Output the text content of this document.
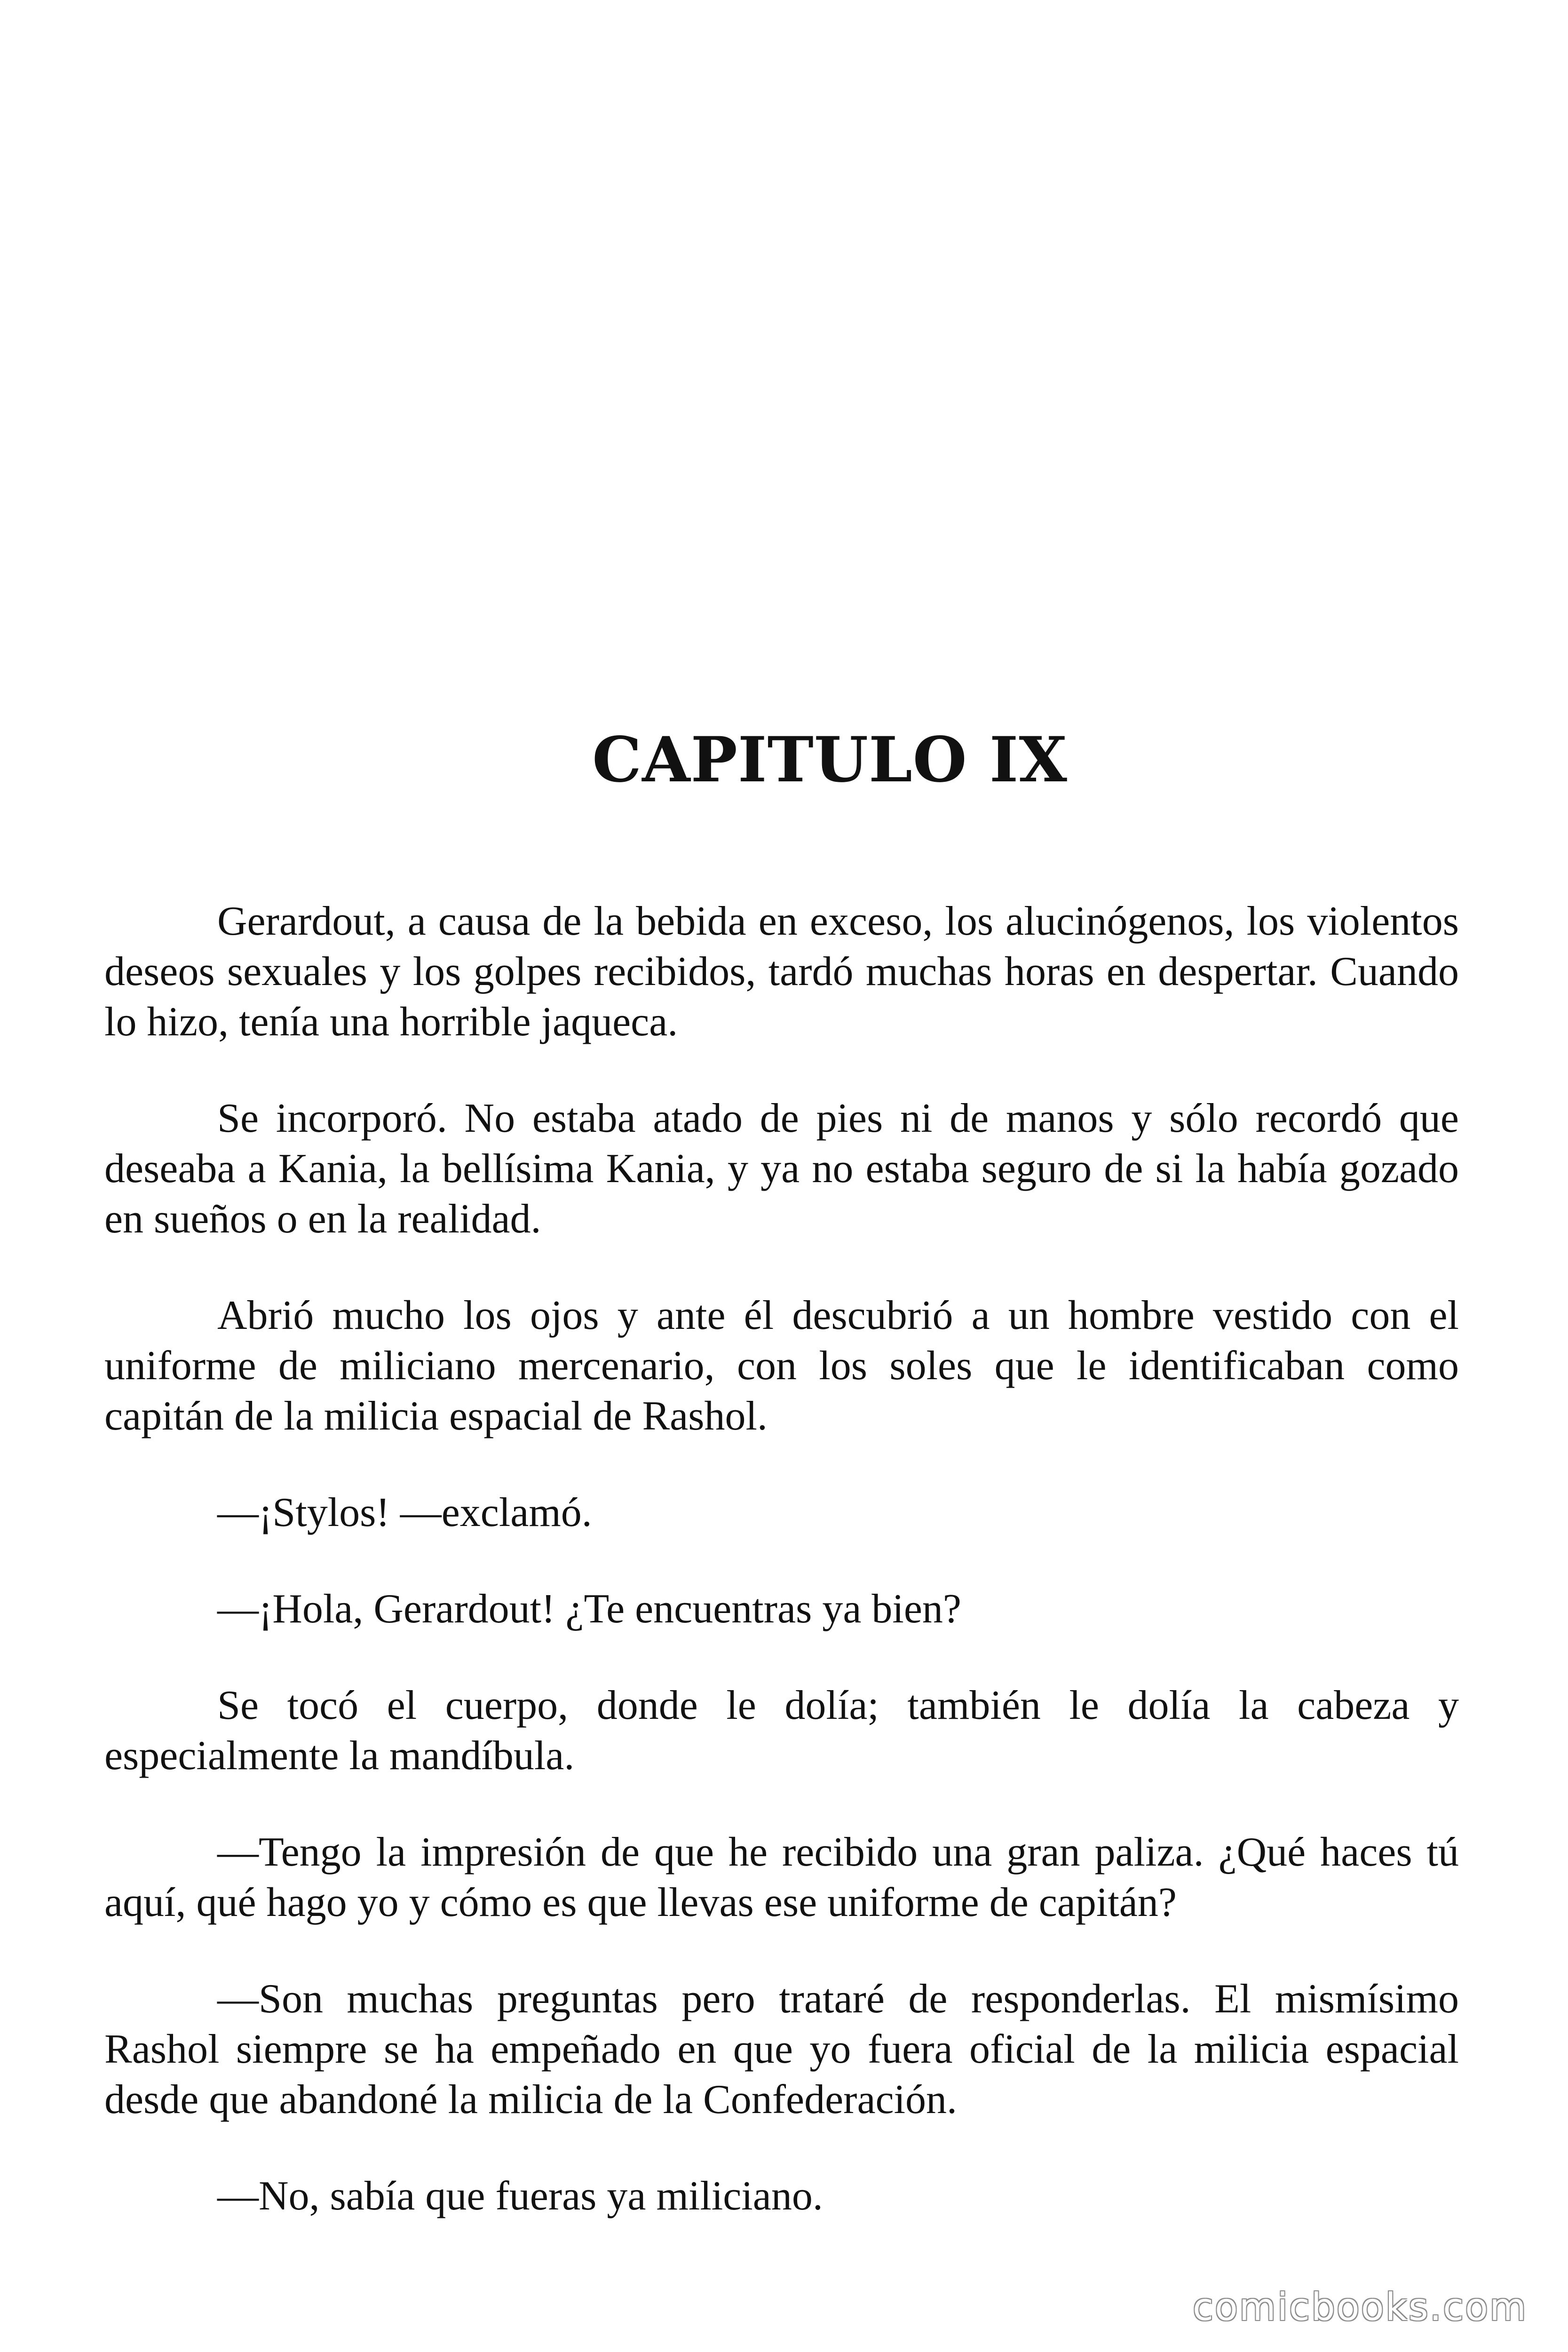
CAPITULO IX

Gerardout, a causa de la bebida en exceso, los alucinógenos, los violentos deseos sexuales y los golpes recibidos, tardó muchas horas en despertar. Cuando lo hizo, tenía una horrible jaqueca.

Se incorporó. No estaba atado de pies ni de manos y sólo recordó que deseaba a Kania, la bellísima Kania, y ya no estaba seguro de si la había gozado en sueños o en la realidad.

Abrió mucho los ojos y ante él descubrió a un hombre vestido con el uniforme de miliciano mercenario, con los soles que le identificaban como capitán de la milicia espacial de Rashol.

—¡Stylos! —exclamó.

—¡Hola, Gerardout! ¿Te encuentras ya bien?

Se tocó el cuerpo, donde le dolía; también le dolía la cabeza y especialmente la mandíbula.

—Tengo la impresión de que he recibido una gran paliza. ¿Qué haces tú aquí, qué hago yo y cómo es que llevas ese uniforme de capitán?

—Son muchas preguntas pero trataré de responderlas. El mismísimo Rashol siempre se ha empeñado en que yo fuera oficial de la milicia espacial desde que abandoné la milicia de la Confederación.

—No, sabía que fueras ya miliciano.

comicbooks.com
